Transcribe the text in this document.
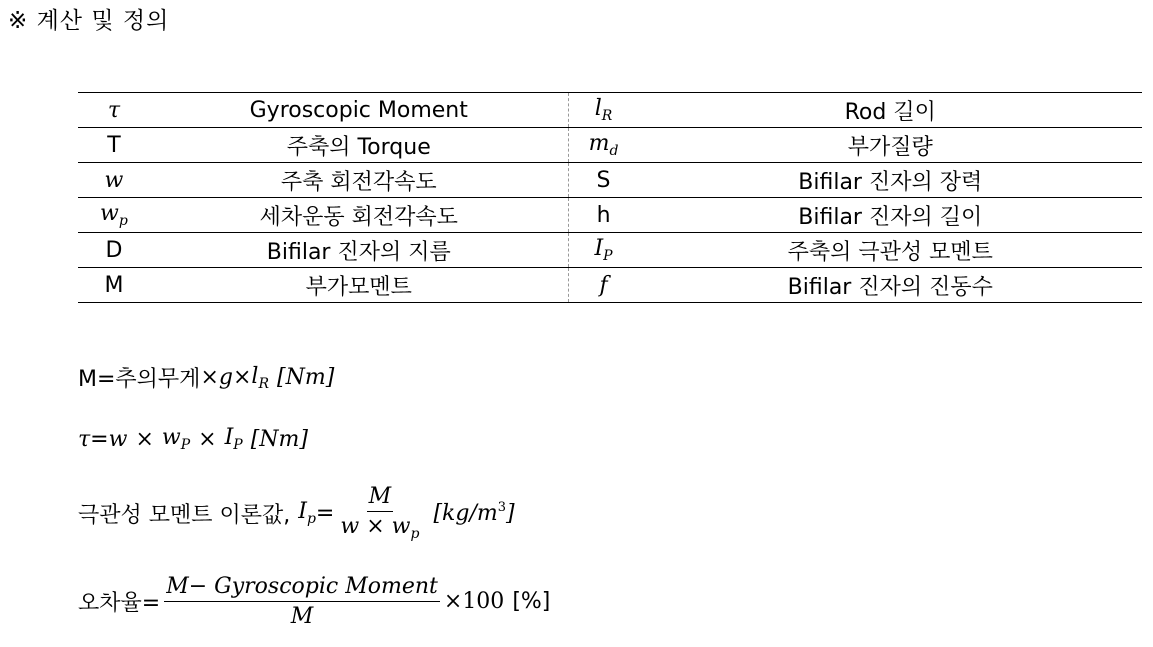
※ 계산 및 정의
τ	Gyroscopic Moment	$l_R$	Rod 길이
T	주축의 Torque	$m_d$	부가질량
w	주축 회전각속도	S	Bifilar 진자의 장력
$w_p$	세차운동 회전각속도	h	Bifilar 진자의 길이
D	Bifilar 진자의 지름	$I_P$	주축의 극관성 모멘트
M	부가모멘트	f	Bifilar 진자의 진동수
M=추의무게 × $g \times l_R$ [Nm]
$\tau = w \times w_P \times I_P$ [Nm]
극관성 모멘트 이론값, $I_p = \frac{M}{w \times w_p} [kg/m^3]$
오차율= $\frac{\text{M− Gyroscopic Moment}}{M} \times 100$ [%]
